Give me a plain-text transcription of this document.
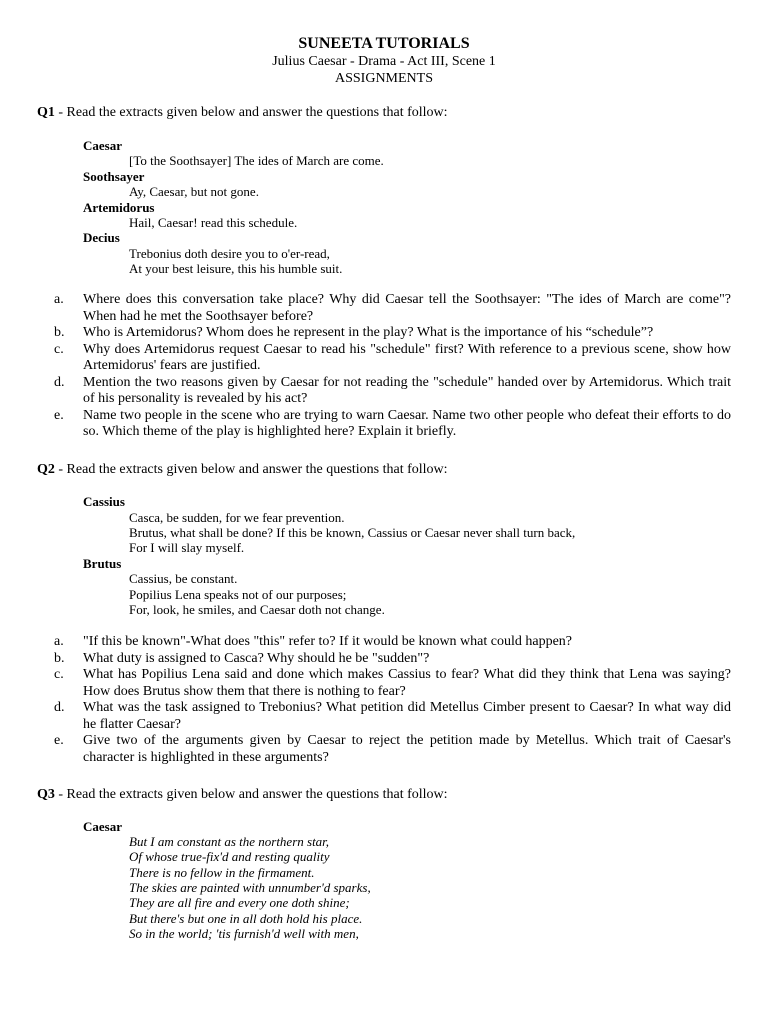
SUNEETA TUTORIALS
Julius Caesar - Drama - Act III, Scene 1
ASSIGNMENTS
Q1 - Read the extracts given below and answer the questions that follow:
Caesar
[To the Soothsayer] The ides of March are come.
Soothsayer
Ay, Caesar, but not gone.
Artemidorus
Hail, Caesar! read this schedule.
Decius
Trebonius doth desire you to o'er-read,
At your best leisure, this his humble suit.
a.	Where does this conversation take place? Why did Caesar tell the Soothsayer: "The ides of March are come"? When had he met the Soothsayer before?
b.	Who is Artemidorus? Whom does he represent in the play? What is the importance of his “schedule”?
c.	Why does Artemidorus request Caesar to read his "schedule" first? With reference to a previous scene, show how Artemidorus' fears are justified.
d.	Mention the two reasons given by Caesar for not reading the "schedule" handed over by Artemidorus. Which trait of his personality is revealed by his act?
e.	Name two people in the scene who are trying to warn Caesar. Name two other people who defeat their efforts to do so. Which theme of the play is highlighted here? Explain it briefly.
Q2 - Read the extracts given below and answer the questions that follow:
Cassius
Casca, be sudden, for we fear prevention.
Brutus, what shall be done? If this be known, Cassius or Caesar never shall turn back,
For I will slay myself.
Brutus
Cassius, be constant.
Popilius Lena speaks not of our purposes;
For, look, he smiles, and Caesar doth not change.
a.	"If this be known"-What does "this" refer to? If it would be known what could happen?
b.	What duty is assigned to Casca? Why should he be "sudden"?
c.	What has Popilius Lena said and done which makes Cassius to fear? What did they think that Lena was saying? How does Brutus show them that there is nothing to fear?
d.	What was the task assigned to Trebonius? What petition did Metellus Cimber present to Caesar? In what way did he flatter Caesar?
e.	Give two of the arguments given by Caesar to reject the petition made by Metellus. Which trait of Caesar's character is highlighted in these arguments?
Q3 - Read the extracts given below and answer the questions that follow:
Caesar
But I am constant as the northern star,
Of whose true-fix'd and resting quality
There is no fellow in the firmament.
The skies are painted with unnumber'd sparks,
They are all fire and every one doth shine;
But there's but one in all doth hold his place.
So in the world; 'tis furnish'd well with men,
